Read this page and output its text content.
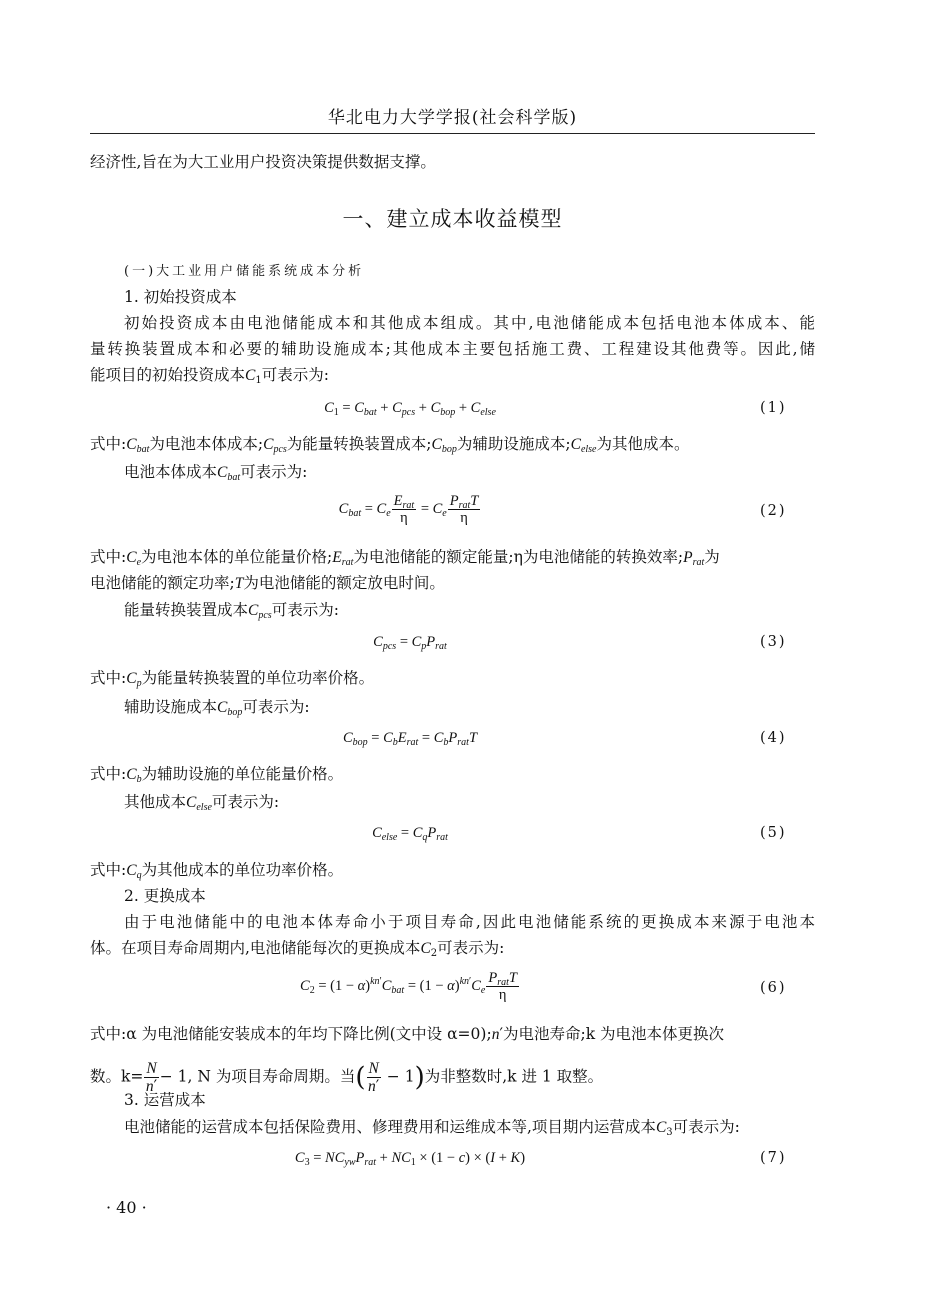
华北电力大学学报(社会科学版)
经济性,旨在为大工业用户投资决策提供数据支撑。
一、建立成本收益模型
(一)大工业用户储能系统成本分析
1. 初始投资成本
初始投资成本由电池储能成本和其他成本组成。其中,电池储能成本包括电池本体成本、能
量转换装置成本和必要的辅助设施成本;其他成本主要包括施工费、工程建设其他费等。因此,储
能项目的初始投资成本$C_1$可表示为:
$C_1 = C_{bat} + C_{pcs} + C_{bop} + C_{else}$	(1)
式中$:C_{bat}$为电池本体成本$;C_{pcs}$为能量转换装置成本$;C_{bop}$为辅助设施成本$;C_{else}$为其他成本。
电池本体成本$C_{bat}$可表示为:
$C_{bat} = C_e \frac{E_{rat}}{\eta} = C_e \frac{P_{rat}T}{\eta}$	(2)
式中$:C_e$为电池本体的单位能量价格$;E_{rat}$为电池储能的额定能量;η为电池储能的转换效率$;P_{rat}$为
电池储能的额定功率;T为电池储能的额定放电时间。
能量转换装置成本$C_{pcs}$可表示为:
$C_{pcs} = C_pP_{rat}$	(3)
式中$:C_p$为能量转换装置的单位功率价格。
辅助设施成本$C_{bop}$可表示为:
$C_{bop} = C_bE_{rat} = C_bP_{rat}T$	(4)
式中$:C_b$为辅助设施的单位能量价格。
其他成本$C_{else}$可表示为:
$C_{else} = C_qP_{rat}$	(5)
式中$:C_q$为其他成本的单位功率价格。
2. 更换成本
由于电池储能中的电池本体寿命小于项目寿命,因此电池储能系统的更换成本来源于电池本
体。在项目寿命周期内,电池储能每次的更换成本$C_2$可表示为:
$C_2 = (1 - \alpha)^{kn'}C_{bat} = (1 - \alpha)^{kn'}C_e \frac{P_{rat}T}{\eta}$	(6)
式中:α 为电池储能安装成本的年均下降比例(文中设 α=0);n′为电池寿命;k 为电池本体更换次
数。$k= \frac{N}{n'} - 1$, N 为项目寿命周期。当( $\frac{N}{n'} - 1$)为非整数时,k 进 1 取整。
3. 运营成本
电池储能的运营成本包括保险费用、修理费用和运维成本等,项目期内运营成本$C_3$可表示为:
$C_3 = NC_{yw}P_{rat} + NC_1 \times (1 - c) \times (I + K)$	(7)
· 40 ·
